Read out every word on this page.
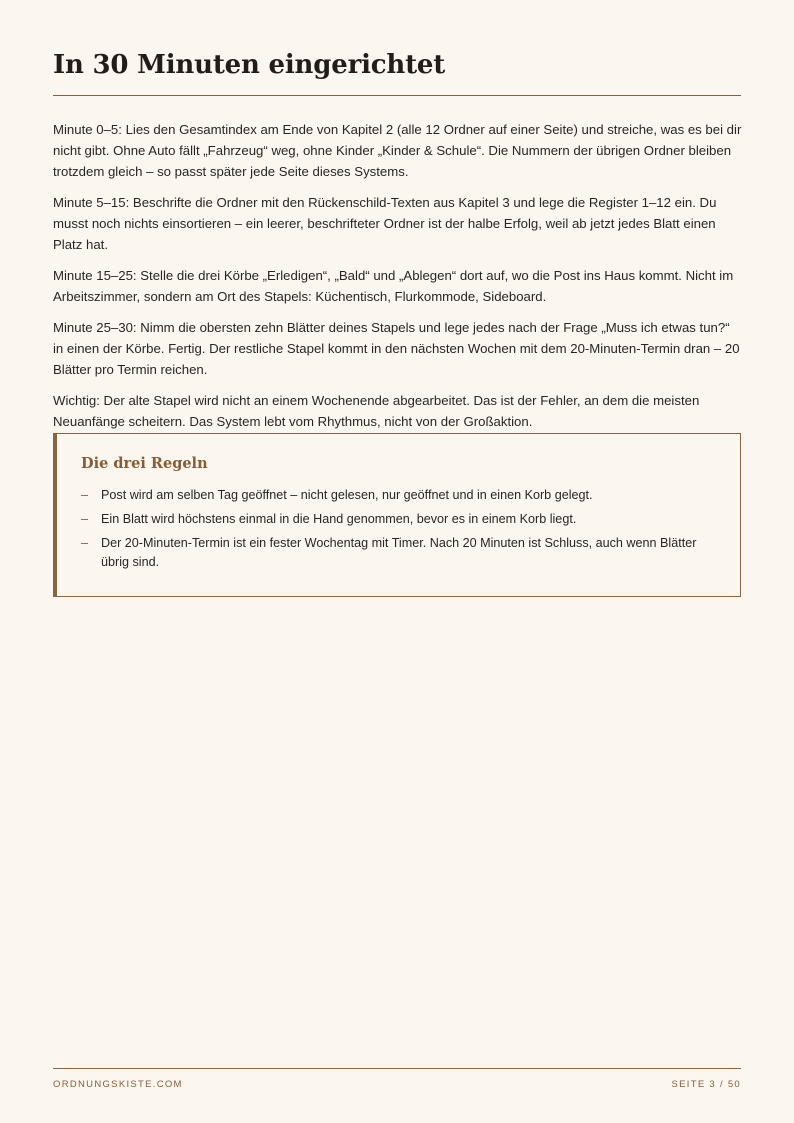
In 30 Minuten eingerichtet

Minute 0–5: Lies den Gesamtindex am Ende von Kapitel 2 (alle 12 Ordner auf einer Seite) und streiche, was es bei dir nicht gibt. Ohne Auto fällt „Fahrzeug“ weg, ohne Kinder „Kinder & Schule“. Die Nummern der übrigen Ordner bleiben trotzdem gleich – so passt später jede Seite dieses Systems.

Minute 5–15: Beschrifte die Ordner mit den Rückenschild-Texten aus Kapitel 3 und lege die Register 1–12 ein. Du musst noch nichts einsortieren – ein leerer, beschrifteter Ordner ist der halbe Erfolg, weil ab jetzt jedes Blatt einen Platz hat.

Minute 15–25: Stelle die drei Körbe „Erledigen“, „Bald“ und „Ablegen“ dort auf, wo die Post ins Haus kommt. Nicht im Arbeitszimmer, sondern am Ort des Stapels: Küchentisch, Flurkommode, Sideboard.

Minute 25–30: Nimm die obersten zehn Blätter deines Stapels und lege jedes nach der Frage „Muss ich etwas tun?“ in einen der Körbe. Fertig. Der restliche Stapel kommt in den nächsten Wochen mit dem 20-Minuten-Termin dran – 20 Blätter pro Termin reichen.

Wichtig: Der alte Stapel wird nicht an einem Wochenende abgearbeitet. Das ist der Fehler, an dem die meisten Neuanfänge scheitern. Das System lebt vom Rhythmus, nicht von der Großaktion.

Die drei Regeln
– Post wird am selben Tag geöffnet – nicht gelesen, nur geöffnet und in einen Korb gelegt.
– Ein Blatt wird höchstens einmal in die Hand genommen, bevor es in einem Korb liegt.
– Der 20-Minuten-Termin ist ein fester Wochentag mit Timer. Nach 20 Minuten ist Schluss, auch wenn Blätter übrig sind.
ORDNUNGSKISTE.COM	SEITE 3 / 50
